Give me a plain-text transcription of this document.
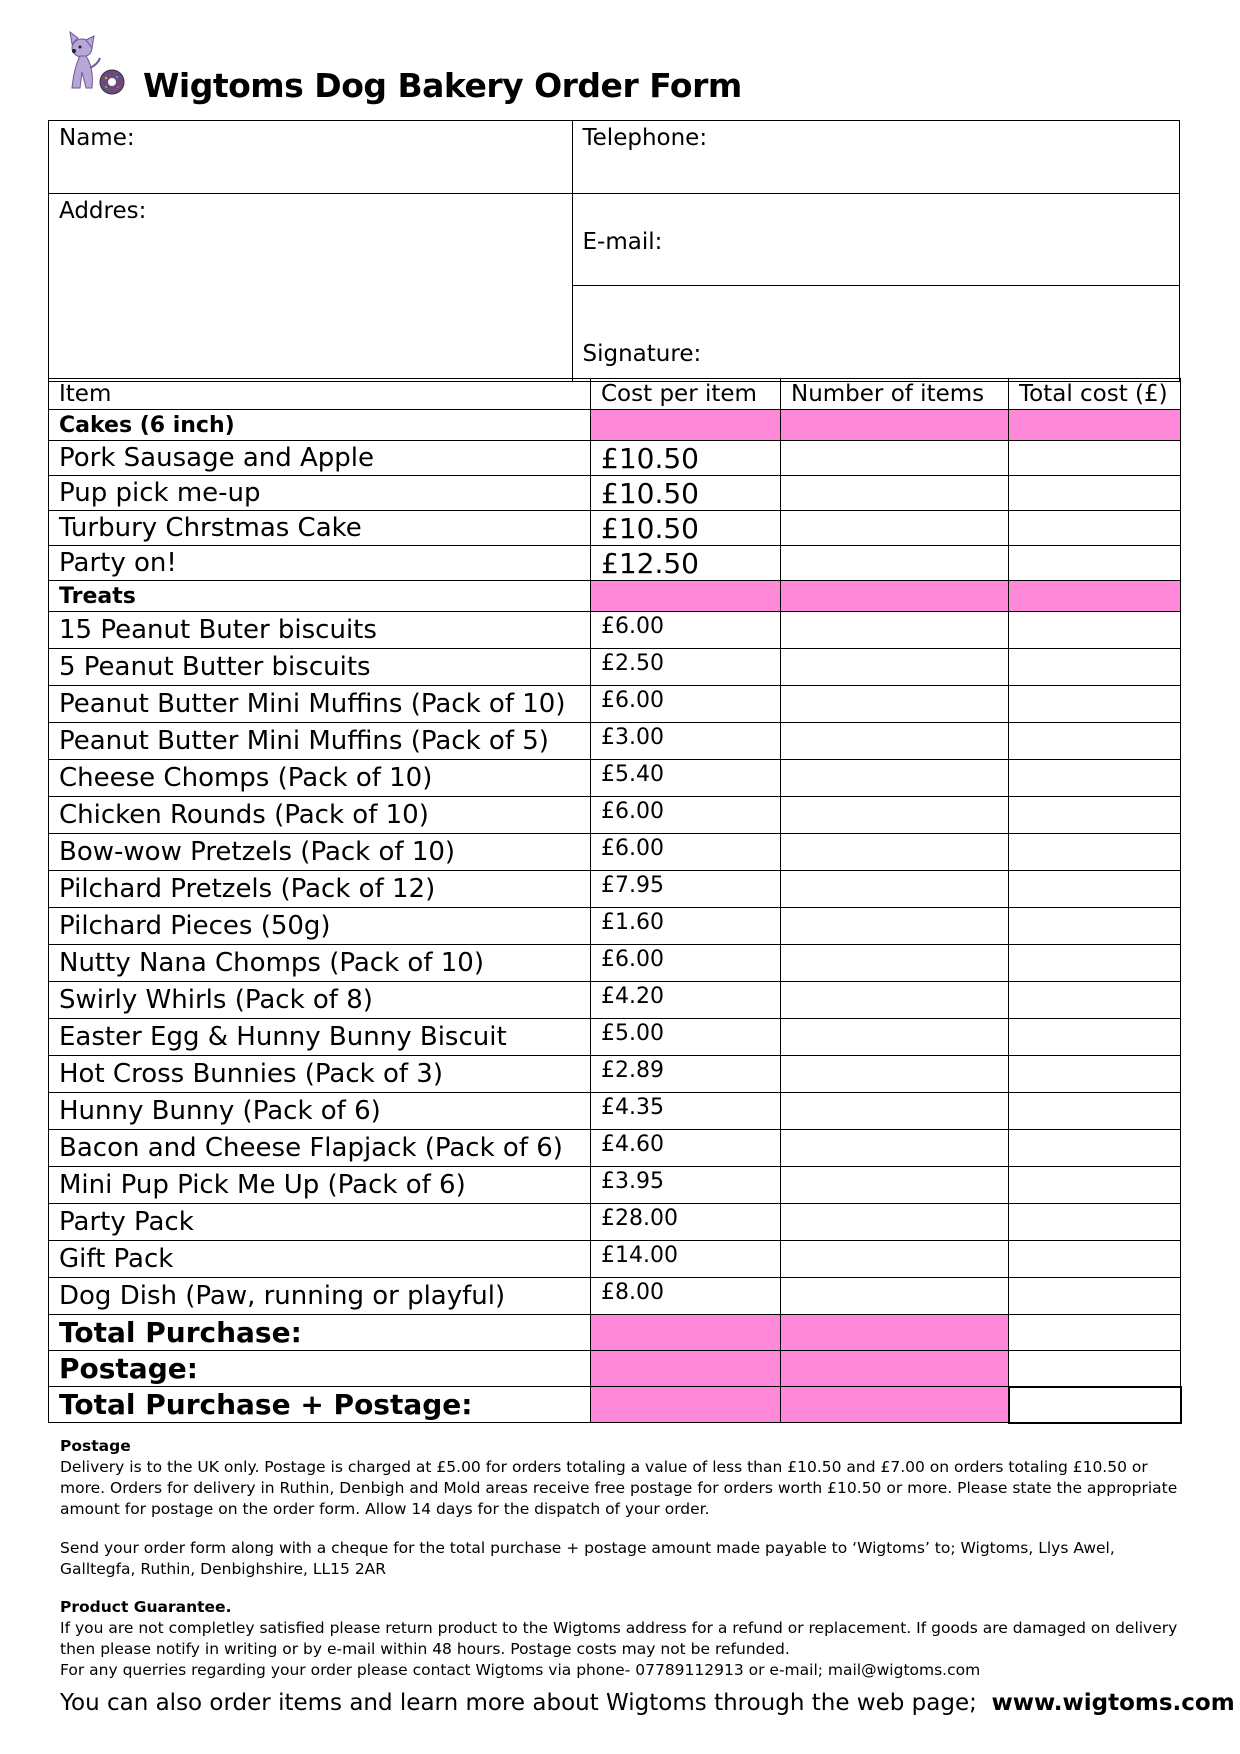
Wigtoms Dog Bakery Order Form
Name:	Telephone:
Addres:	E-mail:
	Signature:
Item	Cost per item	Number of items	Total cost (£)
Cakes (6 inch)			
Pork Sausage and Apple	£10.50		
Pup pick me-up	£10.50		
Turbury Chrstmas Cake	£10.50		
Party on!	£12.50		
Treats			
15 Peanut Buter biscuits	£6.00		
5 Peanut Butter biscuits	£2.50		
Peanut Butter Mini Muffins (Pack of 10)	£6.00		
Peanut Butter Mini Muffins (Pack of 5)	£3.00		
Cheese Chomps (Pack of 10)	£5.40		
Chicken Rounds (Pack of 10)	£6.00		
Bow-wow Pretzels (Pack of 10)	£6.00		
Pilchard Pretzels (Pack of 12)	£7.95		
Pilchard Pieces (50g)	£1.60		
Nutty Nana Chomps (Pack of 10)	£6.00		
Swirly Whirls (Pack of 8)	£4.20		
Easter Egg & Hunny Bunny Biscuit	£5.00		
Hot Cross Bunnies (Pack of 3)	£2.89		
Hunny Bunny (Pack of 6)	£4.35		
Bacon and Cheese Flapjack (Pack of 6)	£4.60		
Mini Pup Pick Me Up (Pack of 6)	£3.95		
Party Pack	£28.00		
Gift Pack	£14.00		
Dog Dish (Paw, running or playful)	£8.00		
Total Purchase:			
Postage:			
Total Purchase + Postage:			
Postage
Delivery is to the UK only. Postage is charged at £5.00 for orders totaling a value of less than £10.50 and £7.00 on orders totaling £10.50 or more. Orders for delivery in Ruthin, Denbigh and Mold areas receive free postage for orders worth £10.50 or more. Please state the appropriate amount for postage on the order form. Allow 14 days for the dispatch of your order.
Send your order form along with a cheque for the total purchase + postage amount made payable to ‘Wigtoms’ to; Wigtoms, Llys Awel, Galltegfa, Ruthin, Denbighshire, LL15 2AR
Product Guarantee.
If you are not completley satisfied please return product to the Wigtoms address for a refund or replacement. If goods are damaged on delivery then please notify in writing or by e-mail within 48 hours. Postage costs may not be refunded.
For any querries regarding your order please contact Wigtoms via phone- 07789112913 or e-mail; mail@wigtoms.com
You can also order items and learn more about Wigtoms through the web page; www.wigtoms.com
